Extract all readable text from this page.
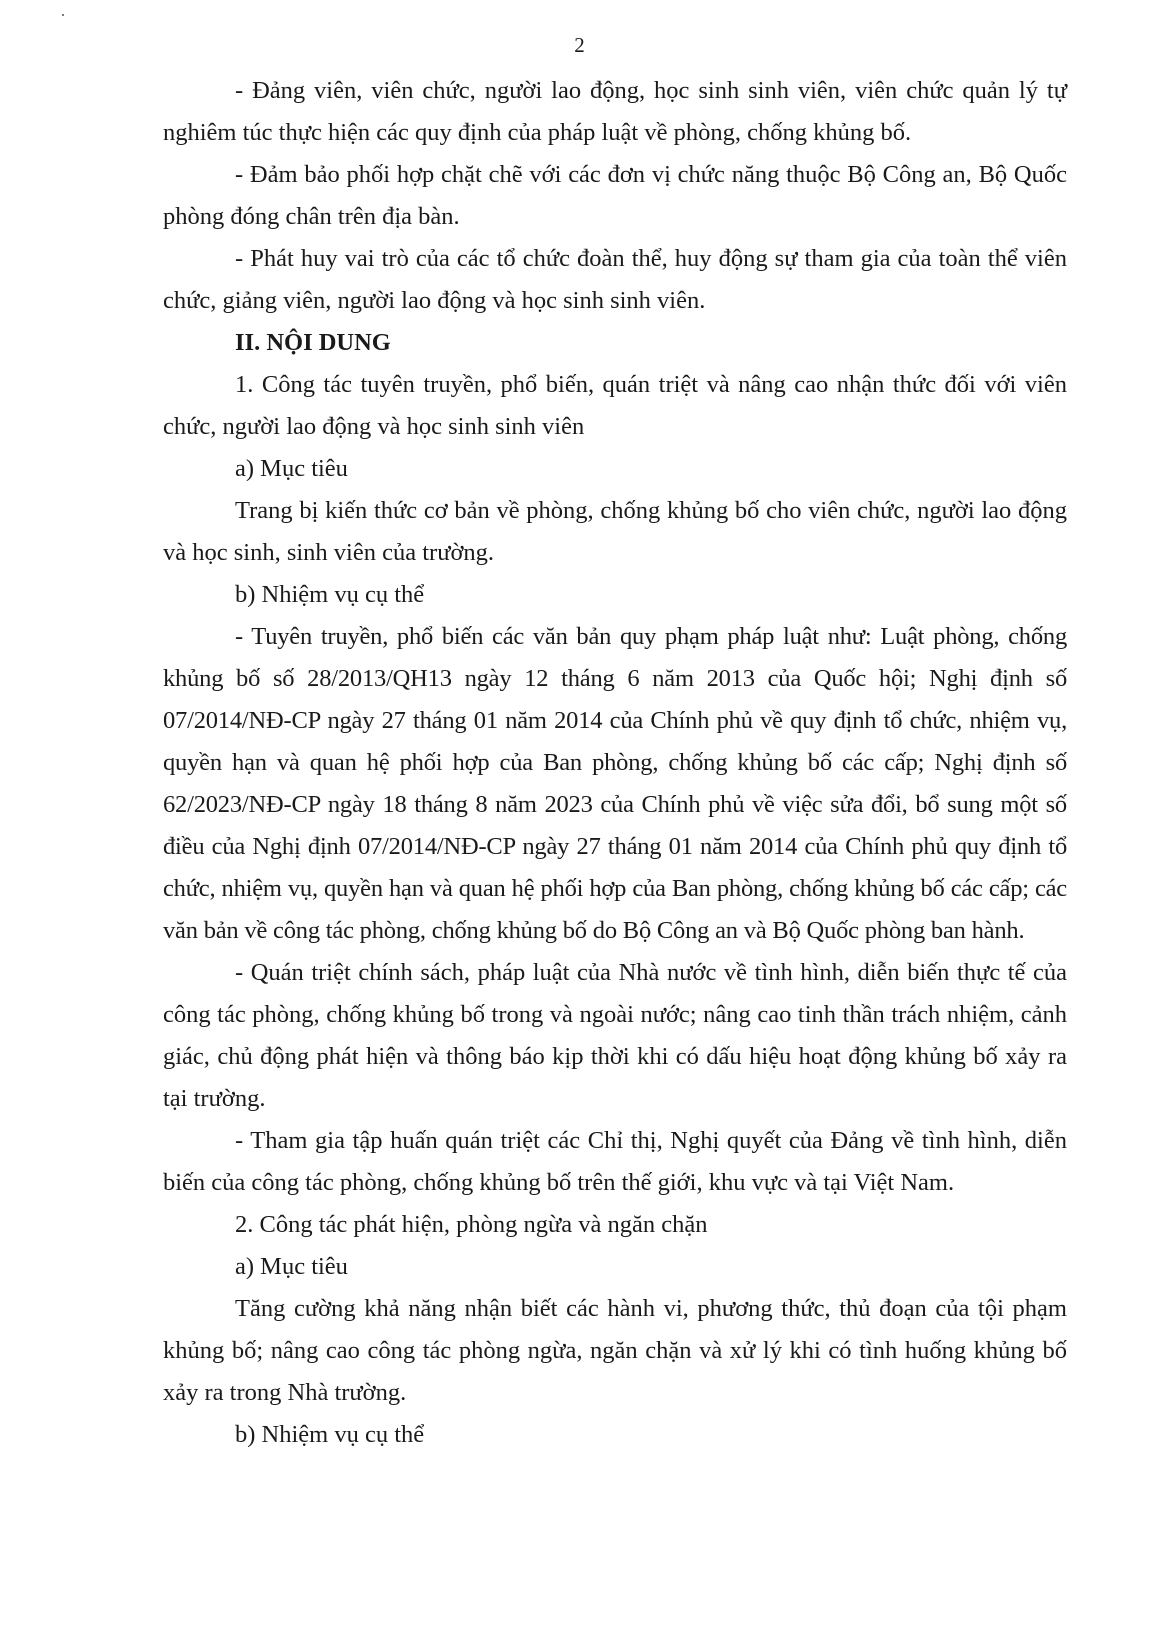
2

- Đảng viên, viên chức, người lao động, học sinh sinh viên, viên chức quản lý tự nghiêm túc thực hiện các quy định của pháp luật về phòng, chống khủng bố.

- Đảm bảo phối hợp chặt chẽ với các đơn vị chức năng thuộc Bộ Công an, Bộ Quốc phòng đóng chân trên địa bàn.

- Phát huy vai trò của các tổ chức đoàn thể, huy động sự tham gia của toàn thể viên chức, giảng viên, người lao động và học sinh sinh viên.

II. NỘI DUNG

1. Công tác tuyên truyền, phổ biến, quán triệt và nâng cao nhận thức đối với viên chức, người lao động và học sinh sinh viên

a) Mục tiêu

Trang bị kiến thức cơ bản về phòng, chống khủng bố cho viên chức, người lao động và học sinh, sinh viên của trường.

b) Nhiệm vụ cụ thể

- Tuyên truyền, phổ biến các văn bản quy phạm pháp luật như: Luật phòng, chống khủng bố số 28/2013/QH13 ngày 12 tháng 6 năm 2013 của Quốc hội; Nghị định số 07/2014/NĐ-CP ngày 27 tháng 01 năm 2014 của Chính phủ về quy định tổ chức, nhiệm vụ, quyền hạn và quan hệ phối hợp của Ban phòng, chống khủng bố các cấp; Nghị định số 62/2023/NĐ-CP ngày 18 tháng 8 năm 2023 của Chính phủ về việc sửa đổi, bổ sung một số điều của Nghị định 07/2014/NĐ-CP ngày 27 tháng 01 năm 2014 của Chính phủ quy định tổ chức, nhiệm vụ, quyền hạn và quan hệ phối hợp của Ban phòng, chống khủng bố các cấp; các văn bản về công tác phòng, chống khủng bố do Bộ Công an và Bộ Quốc phòng ban hành.

- Quán triệt chính sách, pháp luật của Nhà nước về tình hình, diễn biến thực tế của công tác phòng, chống khủng bố trong và ngoài nước; nâng cao tinh thần trách nhiệm, cảnh giác, chủ động phát hiện và thông báo kịp thời khi có dấu hiệu hoạt động khủng bố xảy ra tại trường.

- Tham gia tập huấn quán triệt các Chỉ thị, Nghị quyết của Đảng về tình hình, diễn biến của công tác phòng, chống khủng bố trên thế giới, khu vực và tại Việt Nam.

2. Công tác phát hiện, phòng ngừa và ngăn chặn

a) Mục tiêu

Tăng cường khả năng nhận biết các hành vi, phương thức, thủ đoạn của tội phạm khủng bố; nâng cao công tác phòng ngừa, ngăn chặn và xử lý khi có tình huống khủng bố xảy ra trong Nhà trường.

b) Nhiệm vụ cụ thể
